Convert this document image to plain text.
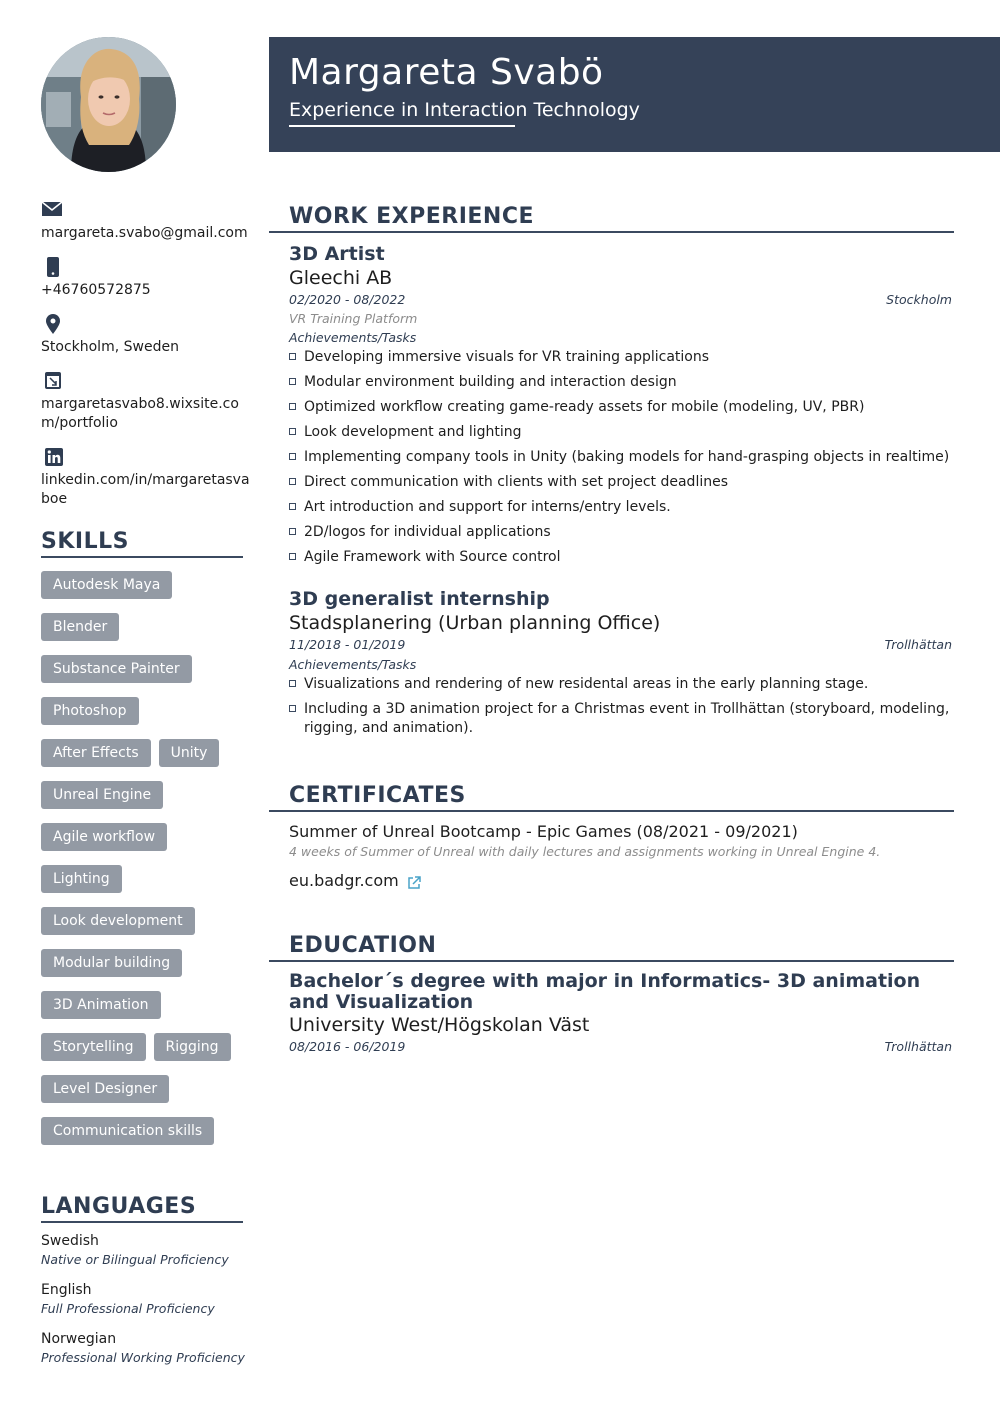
margareta.svabo@gmail.com
+46760572875
Stockholm, Sweden
margaretasvabo8.wixsite.com/portfolio
linkedin.com/in/margaretasvaboe
SKILLS
Autodesk Maya
Blender
Substance Painter
Photoshop
After Effects	Unity
Unreal Engine
Agile workflow
Lighting
Look development
Modular building
3D Animation
Storytelling	Rigging
Level Designer
Communication skills
LANGUAGES
Swedish
Native or Bilingual Proficiency
English
Full Professional Proficiency
Norwegian
Professional Working Proficiency
Margareta Svabö
Experience in Interaction Technology
WORK EXPERIENCE
3D Artist
Gleechi AB
02/2020 - 08/2022	Stockholm
VR Training Platform
Achievements/Tasks
Developing immersive visuals for VR training applications
Modular environment building and interaction design
Optimized workflow creating game-ready assets for mobile (modeling, UV, PBR)
Look development and lighting
Implementing company tools in Unity (baking models for hand-grasping objects in realtime)
Direct communication with clients with set project deadlines
Art introduction and support for interns/entry levels.
2D/logos for individual applications
Agile Framework with Source control
3D generalist internship
Stadsplanering (Urban planning Office)
11/2018 - 01/2019	Trollhättan
Achievements/Tasks
Visualizations and rendering of new residental areas in the early planning stage.
Including a 3D animation project for a Christmas event in Trollhättan (storyboard, modeling, rigging, and animation).
CERTIFICATES
Summer of Unreal Bootcamp - Epic Games (08/2021 - 09/2021)
4 weeks of Summer of Unreal with daily lectures and assignments working in Unreal Engine 4.
eu.badgr.com
EDUCATION
Bachelor´s degree with major in Informatics- 3D animation and Visualization
University West/Högskolan Väst
08/2016 - 06/2019	Trollhättan
